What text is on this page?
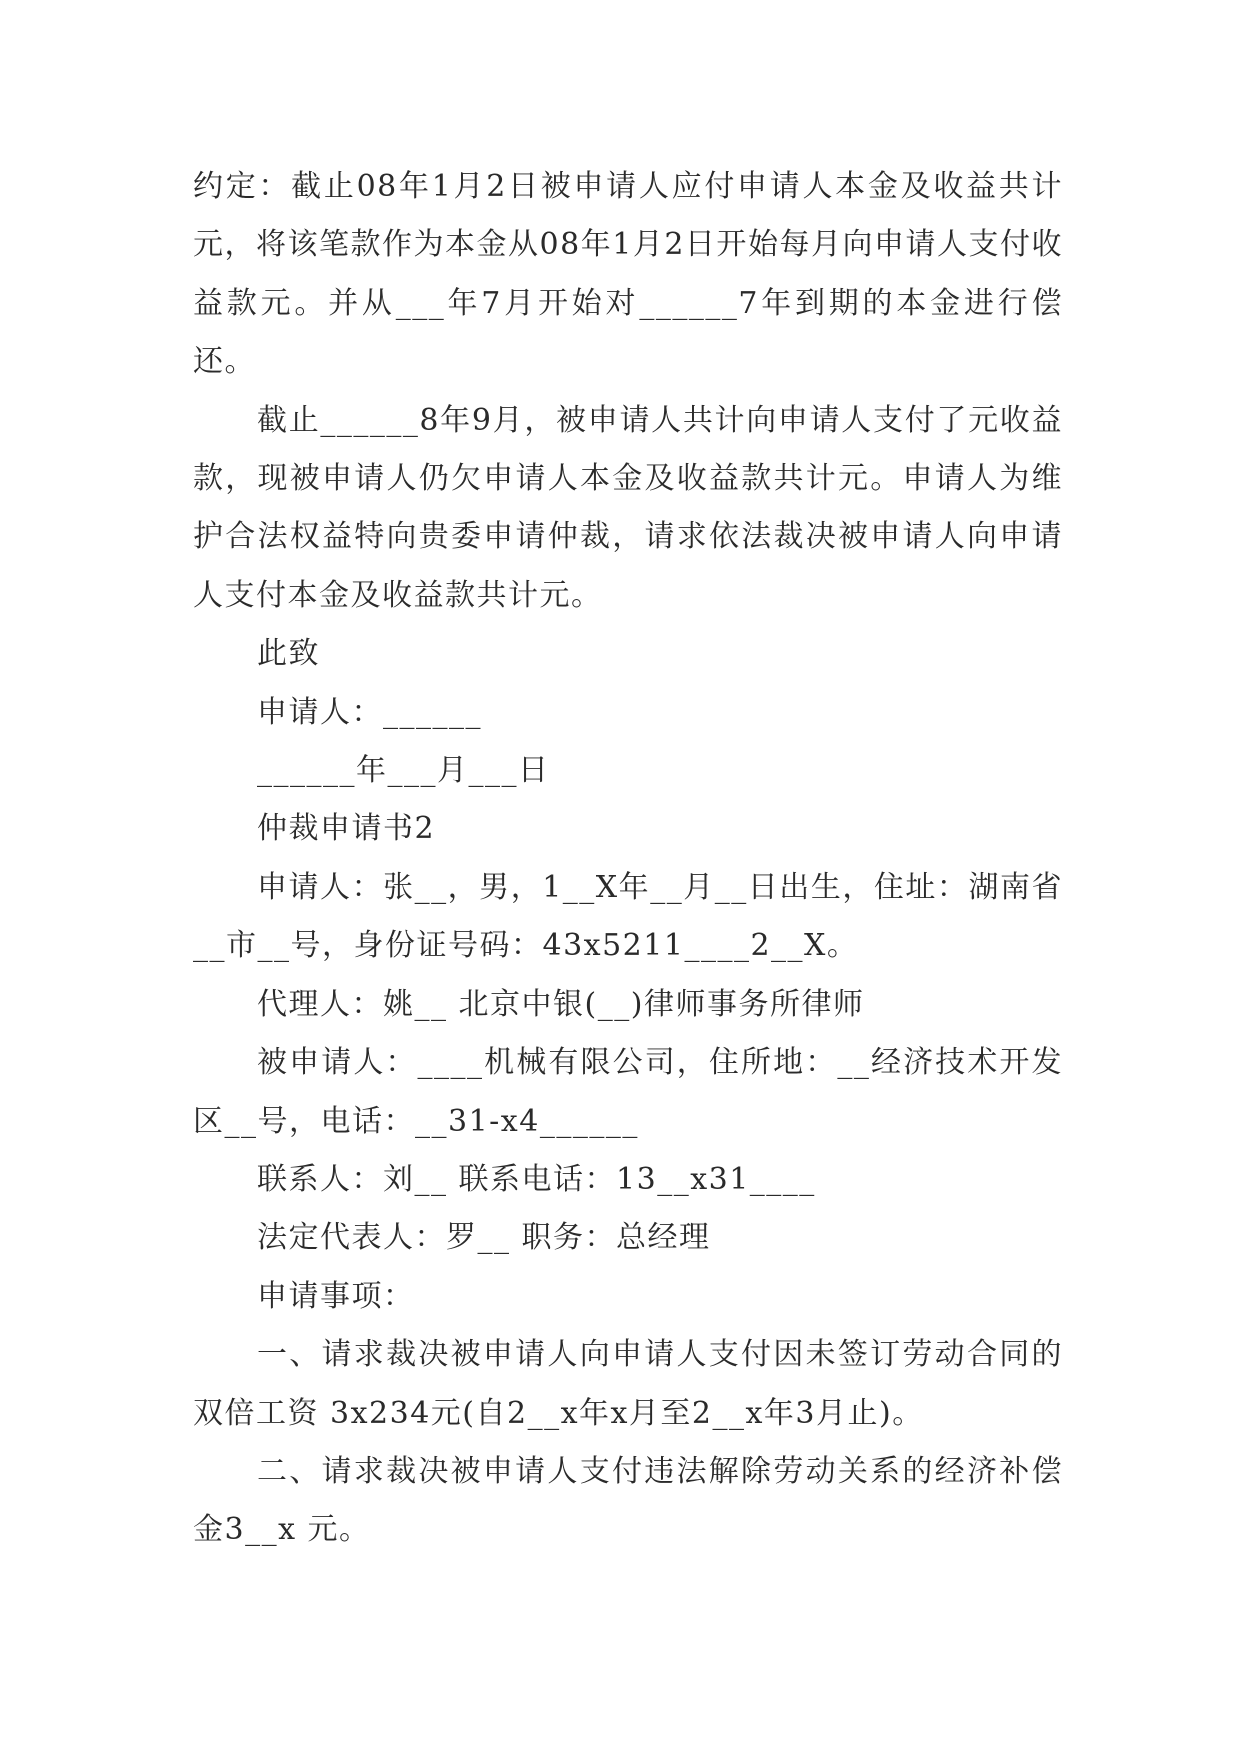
约定：截止08年1月2日被申请人应付申请人本金及收益共计元，将该笔款作为本金从08年1月2日开始每月向申请人支付收益款元。并从___年7月开始对______7年到期的本金进行偿还。

截止______8年9月，被申请人共计向申请人支付了元收益款，现被申请人仍欠申请人本金及收益款共计元。申请人为维护合法权益特向贵委申请仲裁，请求依法裁决被申请人向申请人支付本金及收益款共计元。

此致

申请人：______

______年___月___日

仲裁申请书2

申请人：张__，男，1__X年__月__日出生，住址：湖南省__市__号，身份证号码：43x5211____2__X。

代理人：姚__ 北京中银(__)律师事务所律师

被申请人：____机械有限公司，住所地：__经济技术开发区__号，电话：__31-x4______

联系人：刘__ 联系电话：13__x31____

法定代表人：罗__ 职务：总经理

申请事项：

一、请求裁决被申请人向申请人支付因未签订劳动合同的双倍工资 3x234元(自2__x年x月至2__x年3月止)。

二、请求裁决被申请人支付违法解除劳动关系的经济补偿金3__x 元。
